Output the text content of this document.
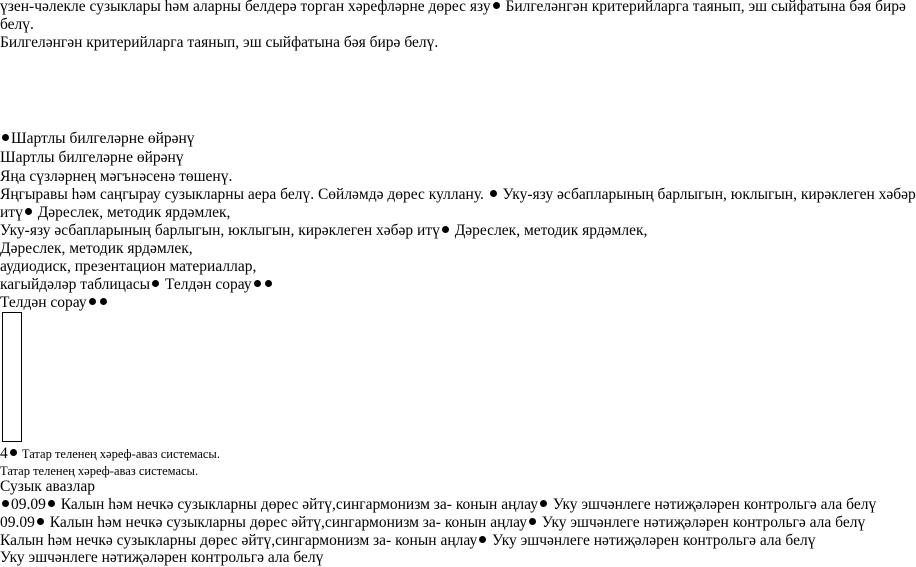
үзен-чәлекле сузыклары һәм аларны белдерә торган хәрефләрне дөрес язу Билгеләнгән критерийларга таянып, эш сыйфатына бәя бирә
белү.
Билгеләнгән критерийларга таянып, эш сыйфатына бәя бирә белү.
Шартлы билгеләрне өйрәнү
Шартлы билгеләрне өйрәнү
Яңа сүзләрнең мәгънәсенә төшенү.
Яңгыравы һәм саңгырау сузыкларны аера белү. Сөйләмдә дөрес куллану.  Уку-язу әсбапларының барлыгын, юклыгын, кирәклеген хәбәр
итү Дәреслек, методик ярдәмлек,
Уку-язу әсбапларының барлыгын, юклыгын, кирәклеген хәбәр итү Дәреслек, методик ярдәмлек,
Дәреслек, методик ярдәмлек,
аудиодиск, презентацион материаллар,
кагыйдәләр таблицасы Телдән сорау
Телдән сорау
4 Татар теленең хәреф-аваз системасы.
Татар теленең хәреф-аваз системасы.
Сузык авазлар
09.09 Калын һәм нечкә сузыкларны дөрес әйтү,сингармонизм за- конын аңлау Уку эшчәнлеге нәтиҗәләрен контрольгә ала белү
09.09 Калын һәм нечкә сузыкларны дөрес әйтү,сингармонизм за- конын аңлау Уку эшчәнлеге нәтиҗәләрен контрольгә ала белү
Калын һәм нечкә сузыкларны дөрес әйтү,сингармонизм за- конын аңлау Уку эшчәнлеге нәтиҗәләрен контрольгә ала белү
Уку эшчәнлеге нәтиҗәләрен контрольгә ала белү
